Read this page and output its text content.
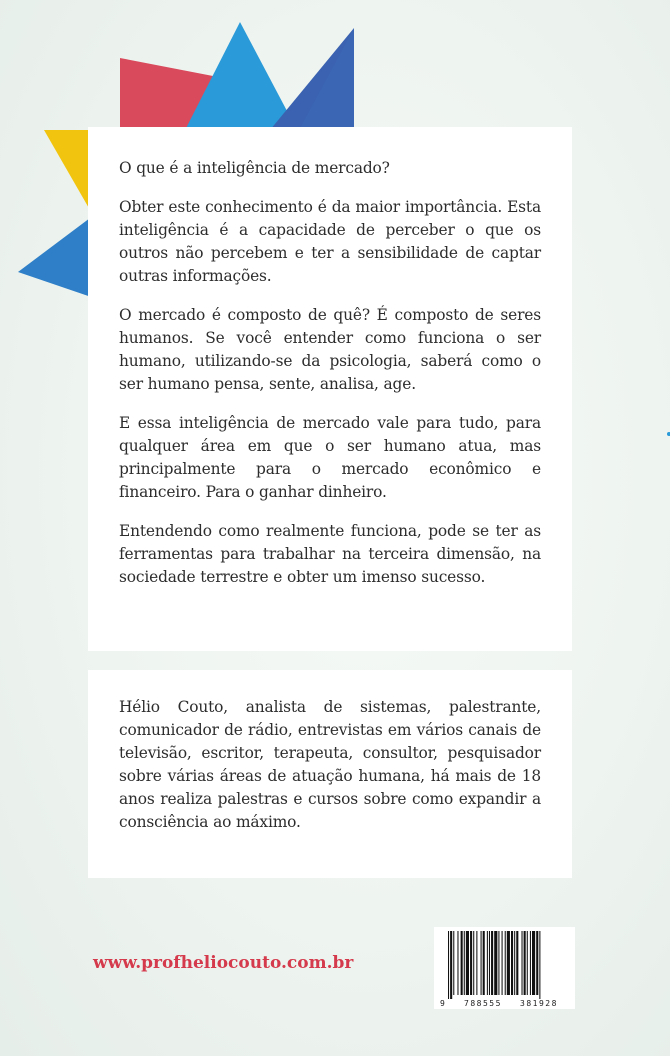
O que é a inteligência de mercado?

Obter este conhecimento é da maior importância. Esta inteligência é a capacidade de perceber o que os outros não percebem e ter a sensibilidade de captar outras informações.

O mercado é composto de quê? É composto de seres humanos. Se você entender como funciona o ser humano, utilizando-se da psicologia, saberá como o ser humano pensa, sente, analisa, age.

E essa inteligência de mercado vale para tudo, para qualquer área em que o ser humano atua, mas principalmente para o mercado econômico e financeiro. Para o ganhar dinheiro.

Entendendo como realmente funciona, pode se ter as ferramentas para trabalhar na terceira dimensão, na sociedade terrestre e obter um imenso sucesso.

Hélio Couto, analista de sistemas, palestrante, comunicador de rádio, entrevistas em vários canais de televisão, escritor, terapeuta, consultor, pesquisador sobre várias áreas de atuação humana, há mais de 18 anos realiza palestras e cursos sobre como expandir a consciência ao máximo.

www.profheliocouto.com.br
9 788555 381928
